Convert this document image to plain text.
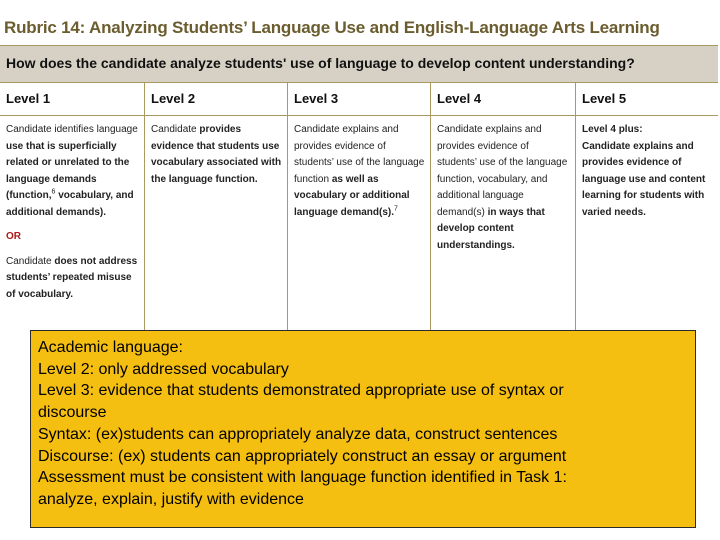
Rubric 14: Analyzing Students’ Language Use and English-Language Arts Learning
How does the candidate analyze students' use of language to develop content understanding?
Level 1
Candidate identifies language use that is superficially related or unrelated to the language demands (function,$^6$ vocabulary, and additional demands).
OR
Candidate does not address students’ repeated misuse of vocabulary.
Level 2
Candidate provides evidence that students use vocabulary associated with the language function.
Level 3
Candidate explains and provides evidence of students’ use of the language function as well as vocabulary or additional language demand(s).$^7$
Level 4
Candidate explains and provides evidence of students’ use of the language function, vocabulary, and additional language demand(s) in ways that develop content understandings.
Level 5
Level 4 plus:
Candidate explains and provides evidence of language use and content learning for students with varied needs.
Academic language:
Level 2: only addressed vocabulary
Level 3: evidence that students demonstrated appropriate use of syntax or
discourse
Syntax: (ex)students can appropriately analyze data, construct sentences
Discourse: (ex) students can appropriately construct an essay or argument
Assessment must be consistent with language function identified in Task 1:
analyze, explain, justify with evidence
